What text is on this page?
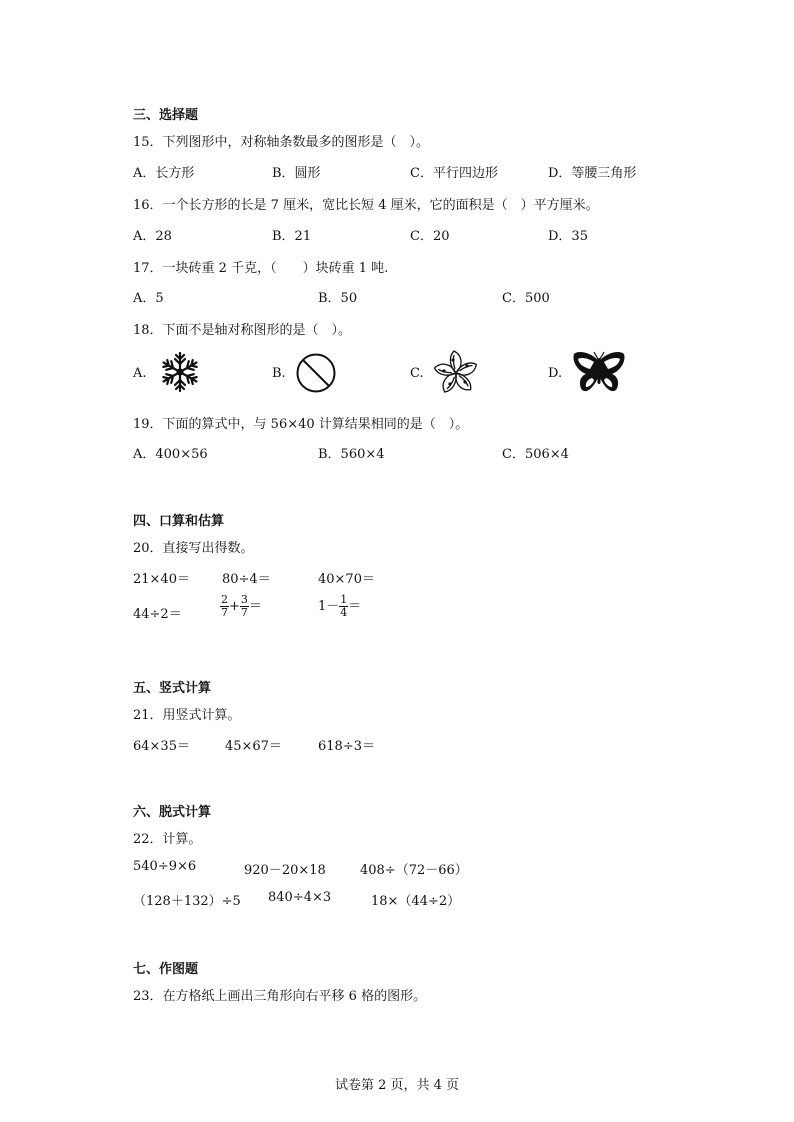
三、选择题
15．下列图形中，对称轴条数最多的图形是（　）。
A．长方形	B．圆形	C．平行四边形	D．等腰三角形
16．一个长方形的长是 7 厘米，宽比长短 4 厘米，它的面积是（　）平方厘米。
A．28	B．21	C．20	D．35
17．一块砖重 2 千克，（　　）块砖重 1 吨.
A．5	B．50	C．500
18．下面不是轴对称图形的是（　）。
A.	B.	C.	D.
19．下面的算式中，与 56×40 计算结果相同的是（　）。
A．400×56	B．560×4	C．506×4
四、口算和估算
20．直接写出得数。
21×40＝ 80÷4＝	40×70＝
44÷2＝	$\frac{2}{7} + \frac{3}{7}$ ＝	$1- \frac{1}{4}$ ＝
五、竖式计算
21．用竖式计算。
64×35＝	45×67＝	618÷3＝
六、脱式计算
22．计算。
540÷9×6	920－20×18	408÷（72－66）
（128＋132）÷5 840÷4×3	18×（44÷2）
七、作图题
23．在方格纸上画出三角形向右平移 6 格的图形。
试卷第 2 页，共 4 页
